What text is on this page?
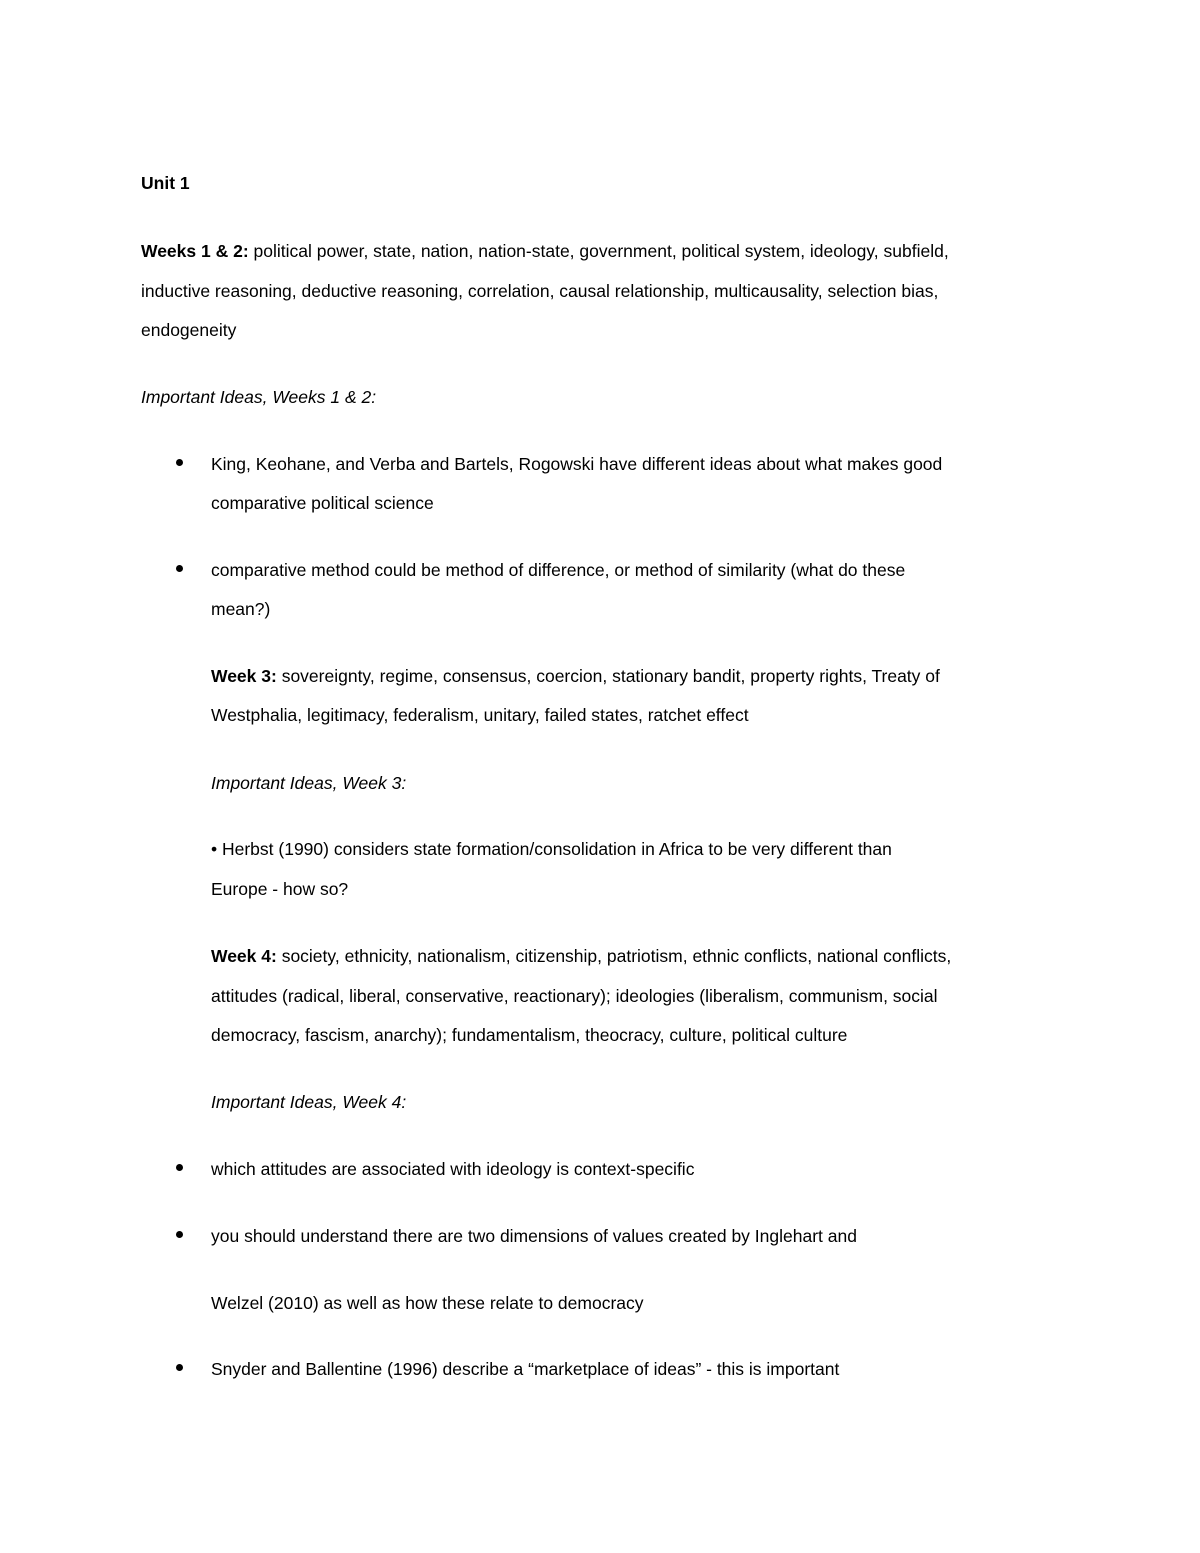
Unit 1
Weeks 1 & 2: political power, state, nation, nation-state, government, political system, ideology, subfield,
inductive reasoning, deductive reasoning, correlation, causal relationship, multicausality, selection bias,
endogeneity
Important Ideas, Weeks 1 & 2:
King, Keohane, and Verba and Bartels, Rogowski have different ideas about what makes good
comparative political science
comparative method could be method of difference, or method of similarity (what do these
mean?)
Week 3: sovereignty, regime, consensus, coercion, stationary bandit, property rights, Treaty of
Westphalia, legitimacy, federalism, unitary, failed states, ratchet effect
Important Ideas, Week 3:
• Herbst (1990) considers state formation/consolidation in Africa to be very different than
Europe - how so?
Week 4: society, ethnicity, nationalism, citizenship, patriotism, ethnic conflicts, national conflicts,
attitudes (radical, liberal, conservative, reactionary); ideologies (liberalism, communism, social
democracy, fascism, anarchy); fundamentalism, theocracy, culture, political culture
Important Ideas, Week 4:
which attitudes are associated with ideology is context-specific
you should understand there are two dimensions of values created by Inglehart and
Welzel (2010) as well as how these relate to democracy
Snyder and Ballentine (1996) describe a “marketplace of ideas” - this is important
